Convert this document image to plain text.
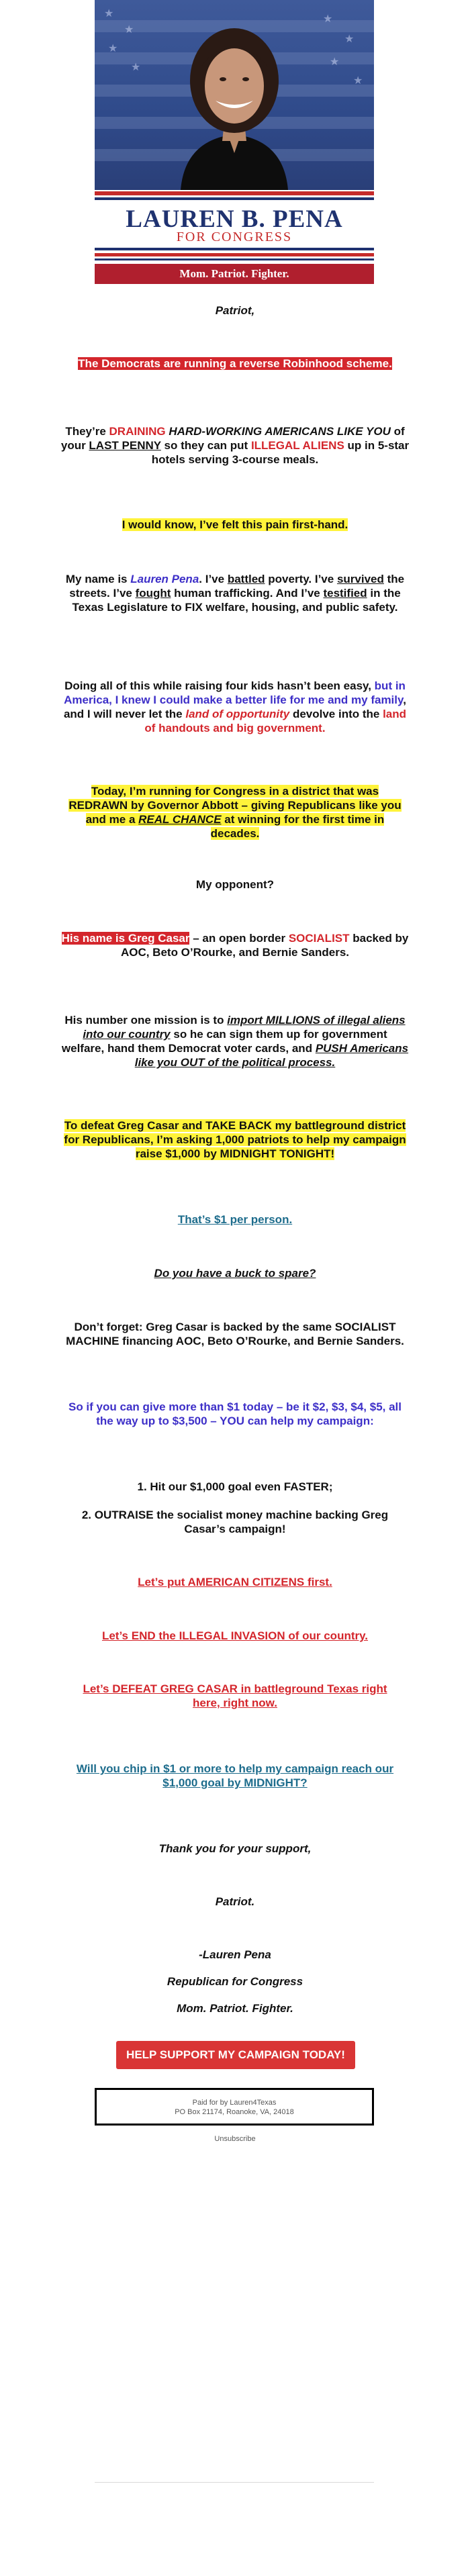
★
★
★
★
★
★
★
★
LAUREN B. PENA
FOR CONGRESS
Mom. Patriot. Fighter.
Patriot,
The Democrats are running a reverse Robinhood scheme.
They’re DRAINING HARD-WORKING AMERICANS LIKE YOU of your LAST PENNY so they can put ILLEGAL ALIENS up in 5-star hotels serving 3-course meals.
I would know, I’ve felt this pain first-hand.
My name is Lauren Pena. I’ve battled poverty. I’ve survived the streets. I’ve fought human trafficking. And I’ve testified in the Texas Legislature to FIX welfare, housing, and public safety.
Doing all of this while raising four kids hasn’t been easy, but in America, I knew I could make a better life for me and my family, and I will never let the land of opportunity devolve into the land of handouts and big government.
Today, I’m running for Congress in a district that was REDRAWN by Governor Abbott – giving Republicans like you and me a REAL CHANCE at winning for the first time in decades.
My opponent?
His name is Greg Casar – an open border SOCIALIST backed by AOC, Beto O’Rourke, and Bernie Sanders.
His number one mission is to import MILLIONS of illegal aliens into our country so he can sign them up for government welfare, hand them Democrat voter cards, and PUSH Americans like you OUT of the political process.
To defeat Greg Casar and TAKE BACK my battleground district for Republicans, I’m asking 1,000 patriots to help my campaign raise $1,000 by MIDNIGHT TONIGHT!
That’s $1 per person.
Do you have a buck to spare?
Don’t forget: Greg Casar is backed by the same SOCIALIST MACHINE financing AOC, Beto O’Rourke, and Bernie Sanders.
So if you can give more than $1 today – be it $2, $3, $4, $5, all the way up to $3,500 – YOU can help my campaign:
1. Hit our $1,000 goal even FASTER;
2. OUTRAISE the socialist money machine backing Greg Casar’s campaign!
Let’s put AMERICAN CITIZENS first.
Let’s END the ILLEGAL INVASION of our country.
Let’s DEFEAT GREG CASAR in battleground Texas right here, right now.
Will you chip in $1 or more to help my campaign reach our $1,000 goal by MIDNIGHT?
Thank you for your support,
Patriot.
-Lauren Pena
Republican for Congress
Mom. Patriot. Fighter.
HELP SUPPORT MY CAMPAIGN TODAY!
Paid for by Lauren4Texas
PO Box 21174, Roanoke, VA, 24018
Unsubscribe
